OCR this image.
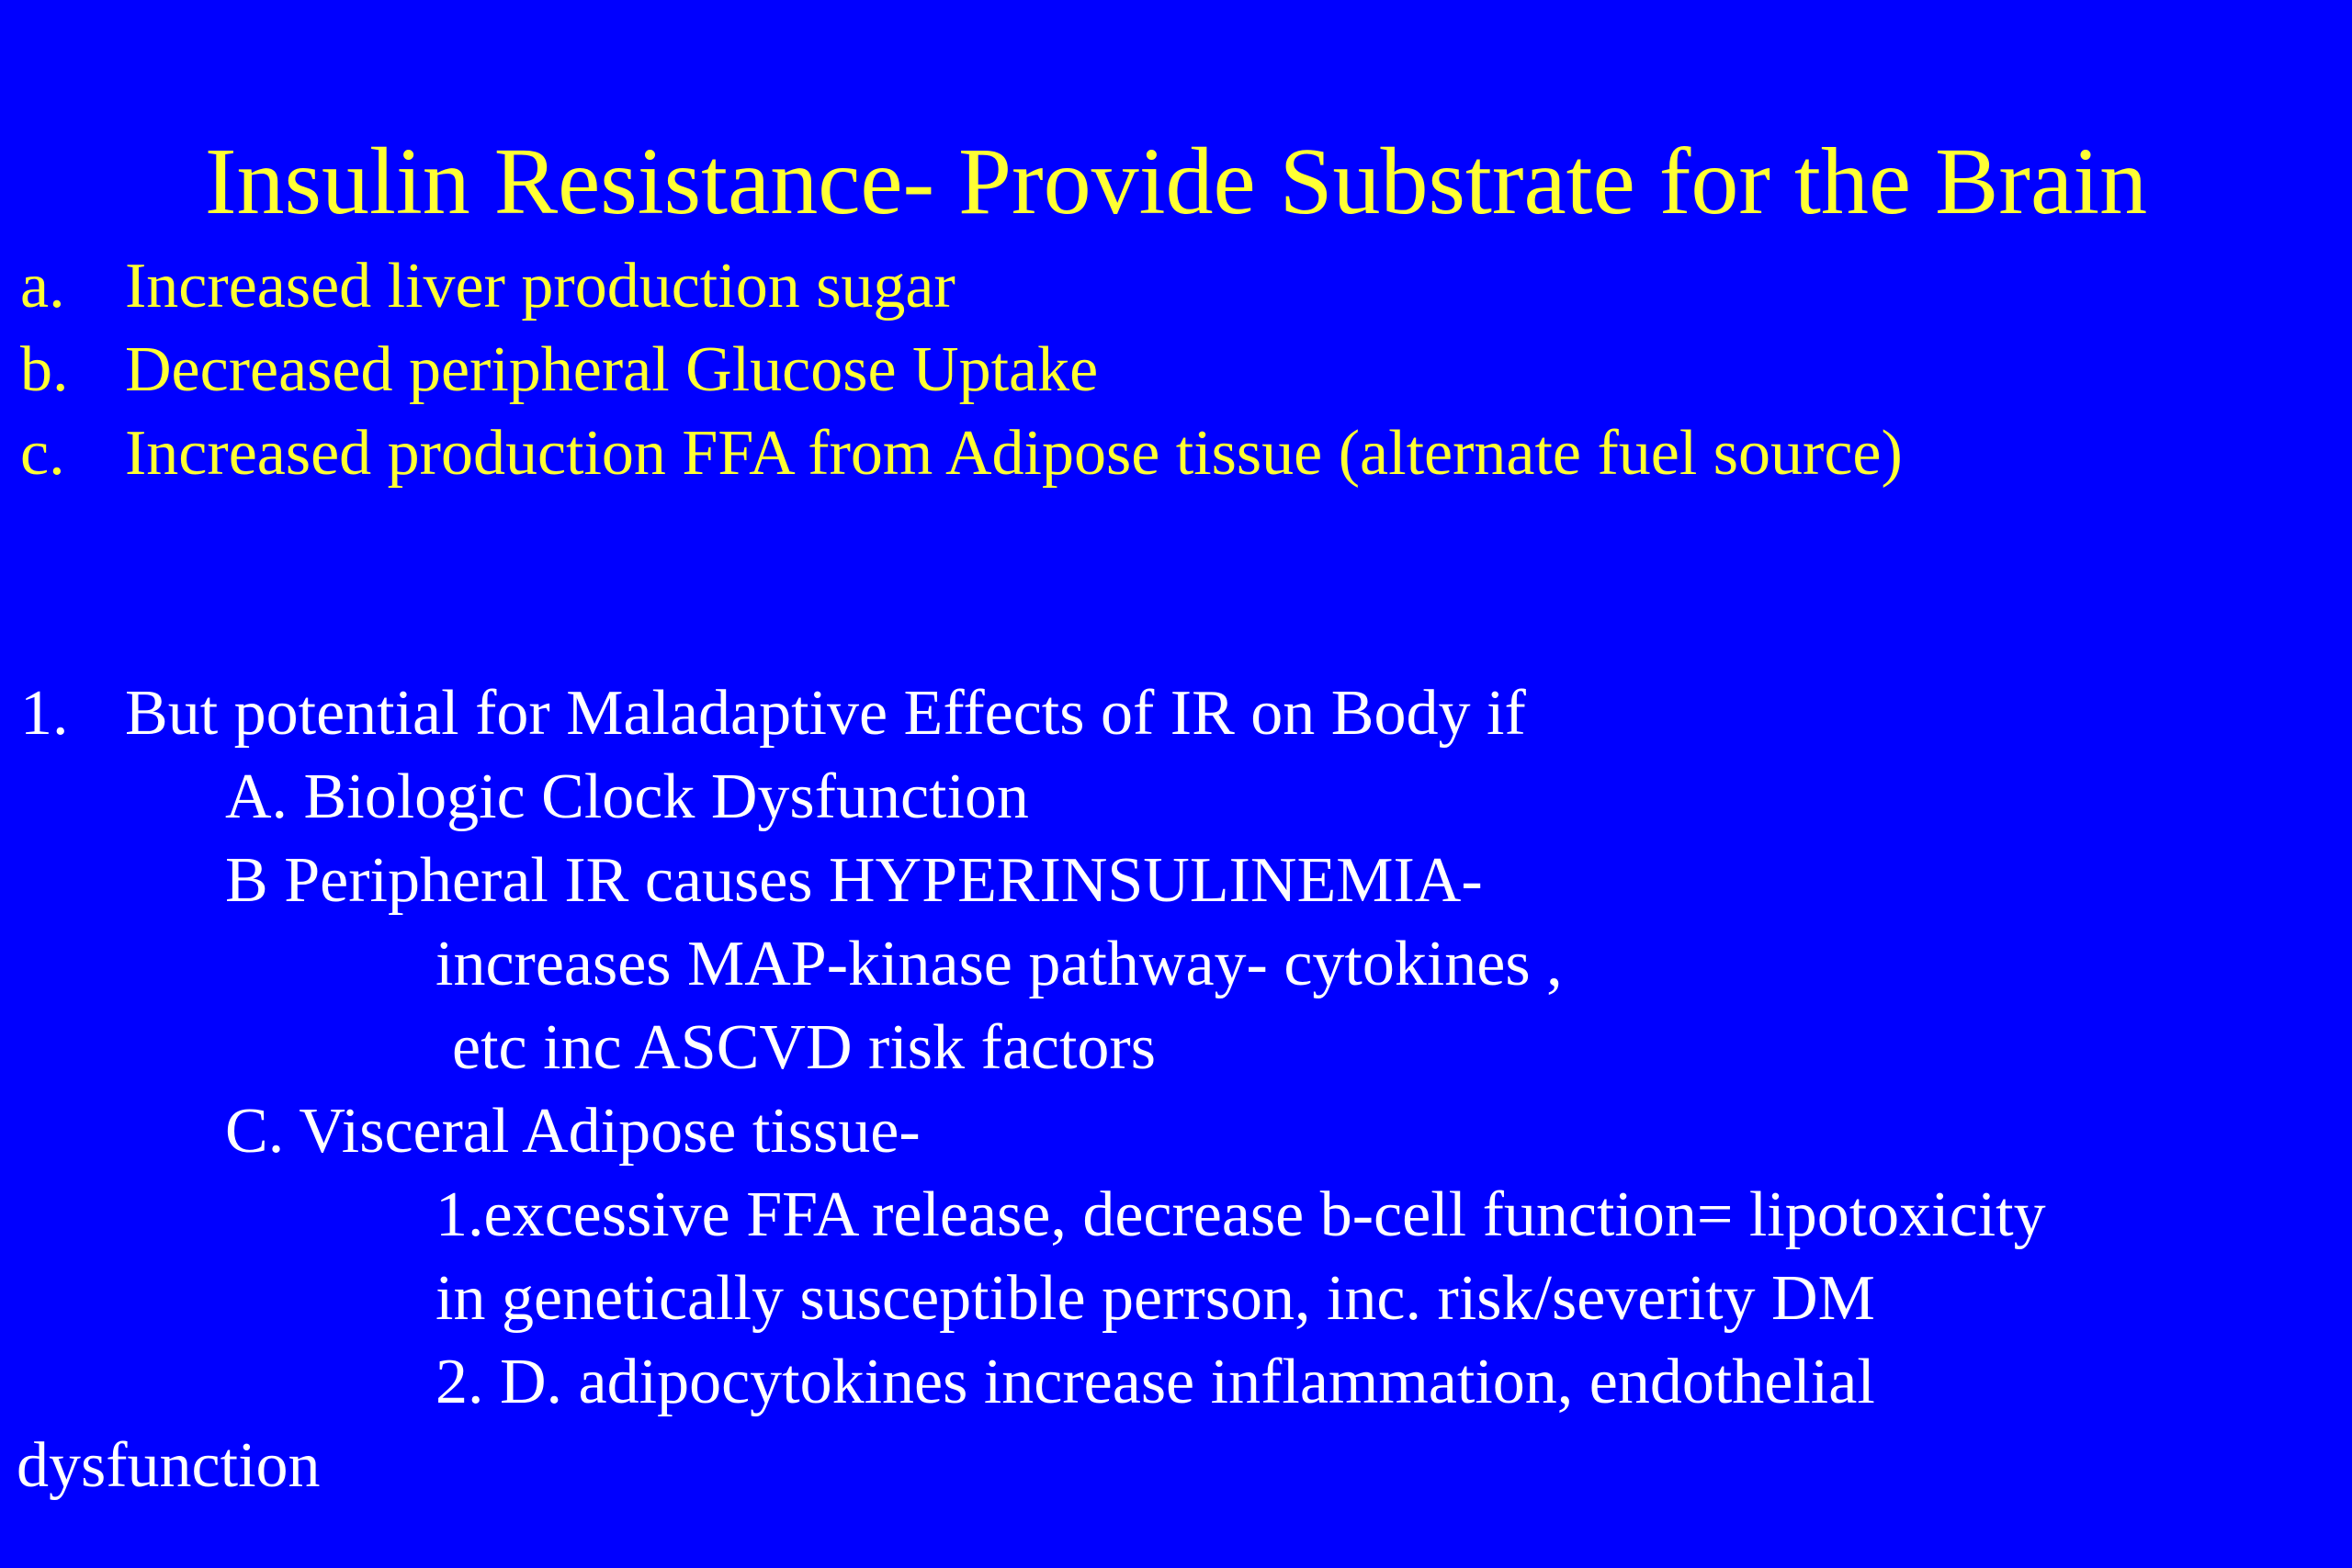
Insulin Resistance- Provide Substrate for the Brain
a. Increased liver production sugar
b. Decreased peripheral Glucose Uptake
c. Increased production FFA from Adipose tissue (alternate fuel source)
1. But potential for Maladaptive Effects of IR on Body if
A. Biologic Clock Dysfunction
B Peripheral IR causes HYPERINSULINEMIA-
increases MAP-kinase pathway- cytokines ,
etc inc ASCVD risk factors
C. Visceral Adipose tissue-
1.excessive FFA release, decrease b-cell function= lipotoxicity
in genetically susceptible perrson, inc. risk/severity DM
2. D. adipocytokines increase inflammation, endothelial
dysfunction
